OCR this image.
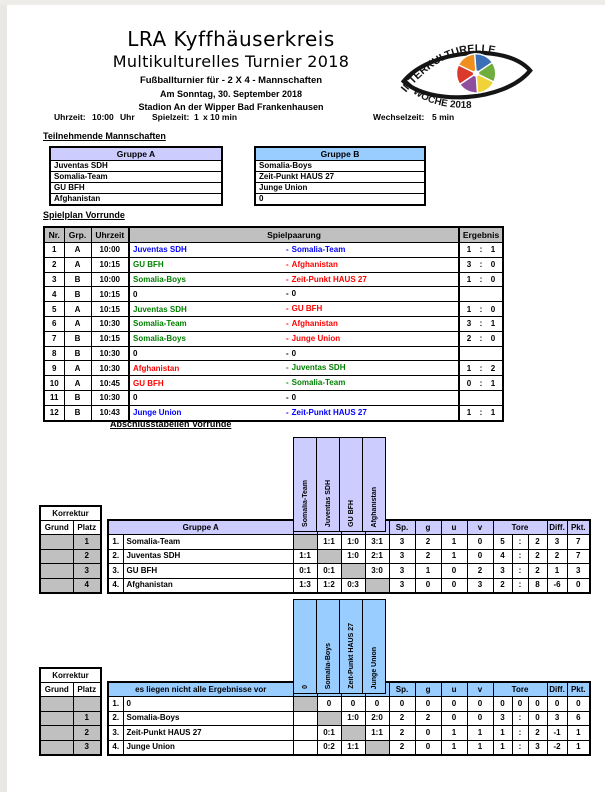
LRA Kyffhäuserkreis
Multikulturelles Turnier 2018
Fußballturnier für - 2 X 4 - Mannschaften
Am Sonntag, 30. September 2018
Stadion An der Wipper Bad Frankenhausen
INTERKULTURELLE
WOCHE 2018
Uhrzeit: 10:00 Uhr Spielzeit: 1 x 10 min	Wechselzeit: 5 min
Teilnehmende Mannschaften
Gruppe A
Juventas SDH
Somalia-Team
GU BFH
Afghanistan
Gruppe B
Somalia-Boys
Zeit-Punkt HAUS 27
Junge Union
0
Spielplan Vorrunde
Nr.	Grp.	Uhrzeit	Spielpaarung	Ergebnis
1	A	10:00	Juventas SDH - Somalia-Team	1 : 1

2	A	10:15	GU BFH - Afghanistan	3 : 0

3	B	10:00	Somalia-Boys - Zeit-Punkt HAUS 27	1 : 0

4	B	10:15	0 - 0	

5	A	10:15	Juventas SDH - GU BFH	1 : 0

6	A	10:30	Somalia-Team - Afghanistan	3 : 1

7	B	10:15	Somalia-Boys - Junge Union	2 : 0

8	B	10:30	0 - 0	

9	A	10:30	Afghanistan - Juventas SDH	1 : 2

10	A	10:45	GU BFH - Somalia-Team	0 : 1

11	B	10:30	0 - 0	

12	B	10:43	Junge Union - Zeit-Punkt HAUS 27	1 : 1
Abschlusstabellen Vorrunde
Korrektur	
Grund	Platz
	1
	2
	3
	4
Somalia-Team Juventas SDH GU BFH Afghanistan
Gruppe A						Sp.	g	u	v	Tore			Diff.	Pkt.
1.	Somalia-Team		1:1	1:0	3:1	3	2	1	0	5	:	2	3	7
2.	Juventas SDH	1:1		1:0	2:1	3	2	1	0	4	:	2	2	7
3.	GU BFH	0:1	0:1		3:0	3	1	0	2	3	:	2	1	3
4.	Afghanistan	1:3	1:2	0:3		3	0	0	3	2	:	8	-6	0
Korrektur	
Grund	Platz

	1
	2
	3
0 Somalia-Boys Zeit-Punkt HAUS 27 Junge Union
es liegen nicht alle Ergebnisse vor						Sp.	g	u	v	Tore			Diff.	Pkt.
1.	0		0	0	0	0	0	0	0	0	0	0	0	0
2.	Somalia-Boys			1:0	2:0	2	2	0	0	3	:	0	3	6
3.	Zeit-Punkt HAUS 27		0:1		1:1	2	0	1	1	1	:	2	-1	1
4.	Junge Union		0:2	1:1		2	0	1	1	1	:	3	-2	1
